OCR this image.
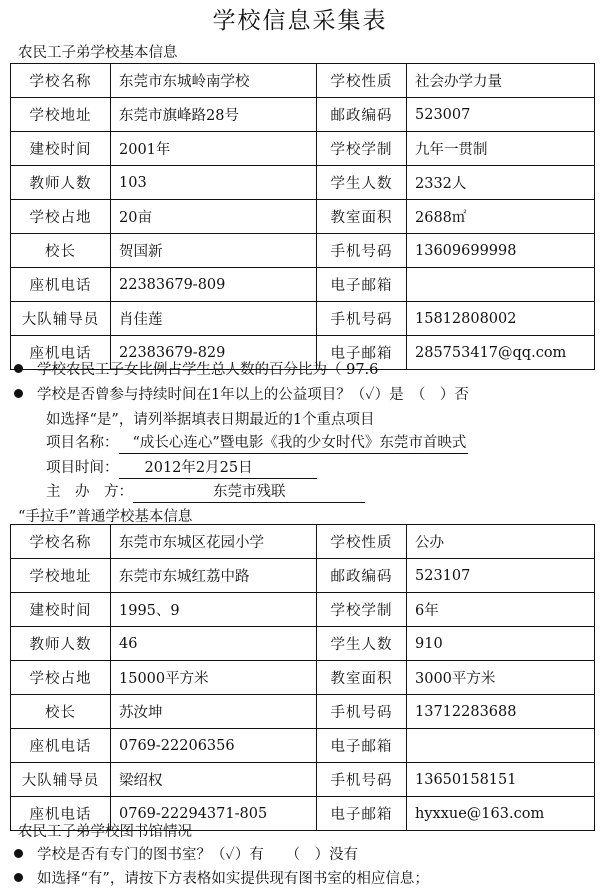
学校信息采集表
农民工子弟学校基本信息
学校名称	东莞市东城岭南学校	学校性质	社会办学力量
学校地址	东莞市旗峰路28号	邮政编码	523007
建校时间	2001年	学校学制	九年一贯制
教师人数	103	学生人数	2332人
学校占地	20亩	教室面积	2688㎡
校长	贺国新	手机号码	13609699998
座机电话	22383679-809	电子邮箱	
大队辅导员	肖佳莲	手机号码	15812808002
座机电话	22383679-829	电子邮箱	285753417@qq.com
学校农民工子女比例占学生总人数的百分比为（ 97.6
学校是否曾参与持续时间在1年以上的公益项目？（✓）是　（　）否
如选择“是”，请列举据填表日期最近的1个重点项目
项目名称： “成长心连心”暨电影《我的少女时代》东莞市首映式
项目时间： 2012年2月25日
主　办　方：	东莞市残联
“手拉手”普通学校基本信息
学校名称	东莞市东城区花园小学	学校性质	公办
学校地址	东莞市东城红荔中路	邮政编码	523107
建校时间	1995、9	学校学制	6年
教师人数	46	学生人数	910
学校占地	15000平方米	教室面积	3000平方米
校长	苏汝坤	手机号码	13712283688
座机电话	0769-22206356	电子邮箱	
大队辅导员	梁绍权	手机号码	13650158151
座机电话	0769-22294371-805	电子邮箱	hyxxue@163.com
农民工子弟学校图书馆情况
学校是否有专门的图书室？（✓）有　　（　）没有
如选择“有”，请按下方表格如实提供现有图书室的相应信息；
